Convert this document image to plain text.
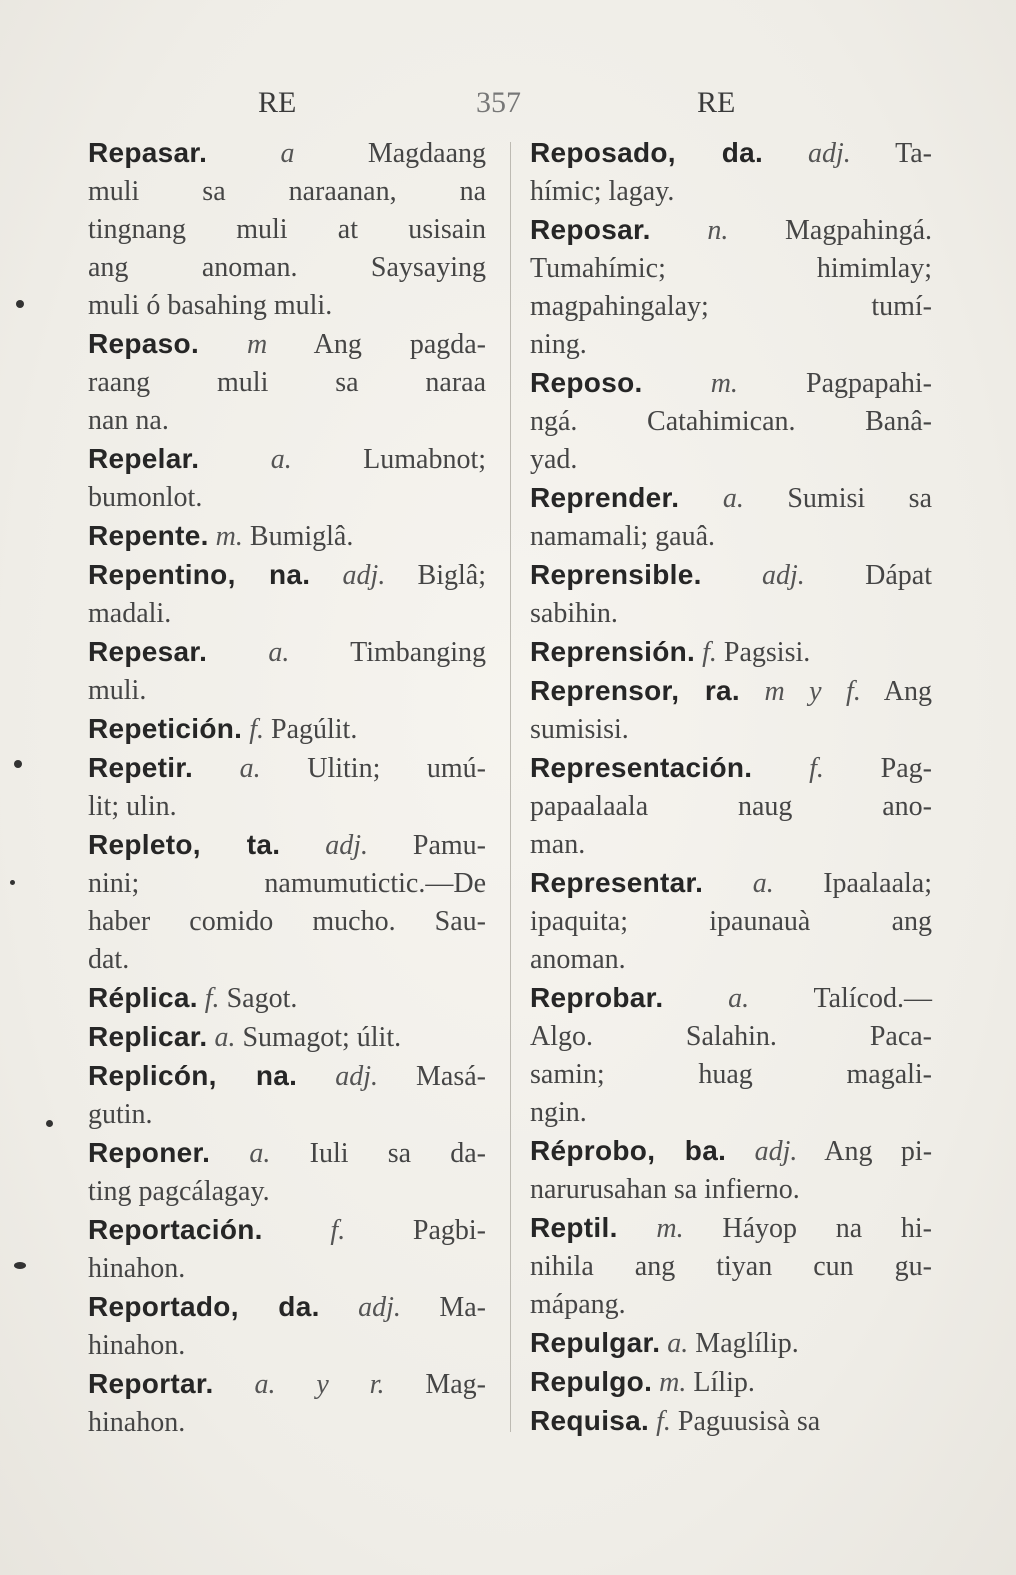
RE	357	RE
Repasar.	a	Magdaang
muli sa naraanan, na
tingnang muli at usisain
ang anoman. Saysaying
muli ó basahing muli.
Repaso. m Ang pagda-
raang muli sa naraa
nan na.
Repelar.	a.	Lumabnot;
bumonlot.
Repente. m. Bumiglâ.
Repentino, na. adj. Biglâ;
madali.
Repesar. a. Timbanging
muli.
Repetición. f. Pagúlit.
Repetir. a. Ulitin; umú-
lit; ulin.
Repleto, ta. adj. Pamu-
nini; namumutictic.—De
haber comido mucho. Sau-
dat.
Réplica. f. Sagot.
Replicar. a. Sumagot; úlit.
Replicón, na. adj. Masá-
gutin.
Reponer. a. Iuli sa da-
ting pagcálagay.
Reportación. f. Pagbi-
hinahon.
Reportado, da. adj. Ma-
hinahon.
Reportar. a. y r. Mag-
hinahon.
Reposado, da. adj. Ta-
hímic; lagay.
Reposar. n. Magpahingá.
Tumahímic; himimlay;
magpahingalay; tumí-
ning.
Reposo. m. Pagpapahi-
ngá. Catahimican. Banâ-
yad.
Reprender. a. Sumisi sa
namamali; gauâ.
Reprensible. adj. Dápat
sabihin.
Reprensión. f. Pagsisi.
Reprensor, ra. m y f. Ang
sumisisi.
Representación. f. Pag-
papaalaala naug ano-
man.
Representar. a. Ipaalaala;
ipaquita; ipaunauà ang
anoman.
Reprobar. a. Talícod.—
Algo. Salahin. Paca-
samin; huag magali-
ngin.
Réprobo, ba. adj. Ang pi-
narurusahan sa infierno.
Reptil. m. Háyop na hi-
nihila ang tiyan cun gu-
mápang.
Repulgar. a. Maglílip.
Repulgo. m. Lílip.
Requisa. f. Paguusisà sa
